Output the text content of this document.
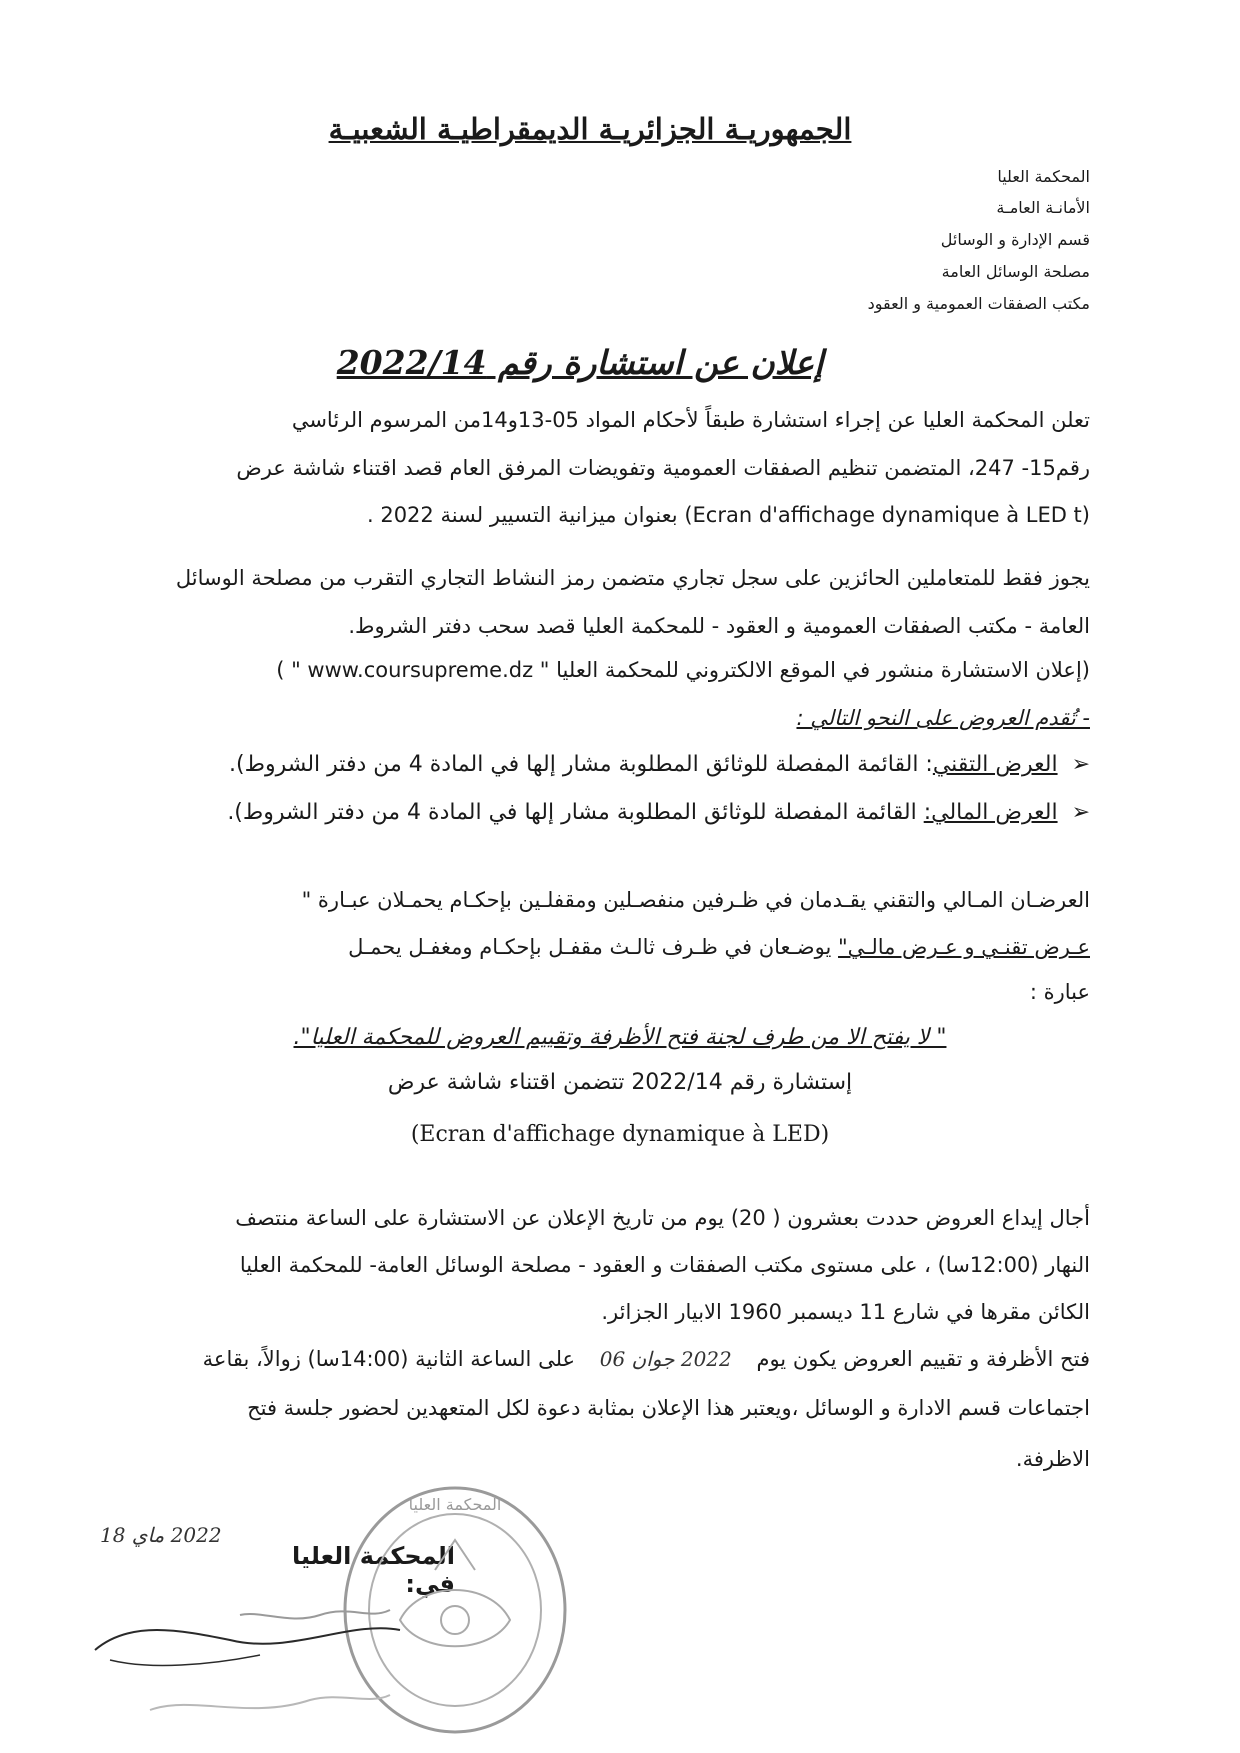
الجمهوريـة الجزائريـة الديمقراطيـة الشعبيـة
المحكمة العليا
الأمانـة العامـة
قسم الإدارة و الوسائل
مصلحة الوسائل العامة
مكتب الصفقات العمومية و العقود
إعلان عن استشارة رقم 2022/14
تعلن المحكمة العليا عن إجراء استشارة طبقاً لأحكام المواد 05-13و14من المرسوم الرئاسي
رقم15- 247، المتضمن تنظيم الصفقات العمومية وتفويضات المرفق العام قصد اقتناء شاشة عرض
(Ecran d'affichage dynamique à LED t) بعنوان ميزانية التسيير لسنة 2022 .
يجوز فقط للمتعاملين الحائزين على سجل تجاري متضمن رمز النشاط التجاري التقرب من مصلحة الوسائل
العامة - مكتب الصفقات العمومية و العقود - للمحكمة العليا قصد سحب دفتر الشروط.
(إعلان الاستشارة منشور في الموقع الالكتروني للمحكمة العليا " www.coursupreme.dz " )
- تُقدم العروض على النحو التالي :
➢العرض التقني: القائمة المفصلة للوثائق المطلوبة مشار إلها في المادة 4 من دفتر الشروط).
➢العرض المالي: القائمة المفصلة للوثائق المطلوبة مشار إلها في المادة 4 من دفتر الشروط).
العرضـان المـالي والتقني يقـدمان في ظـرفين منفصـلين ومقفلـين بإحكـام يحمـلان عبـارة "
عـرض تقنـي و عـرض مالـي" يوضـعان في ظـرف ثالـث مقفـل بإحكـام ومغفـل يحمـل
عبارة :
" لا يفتح الا من طرف لجنة فتح الأظرفة وتقييم العروض للمحكمة العليا".
إستشارة رقم 2022/14 تتضمن اقتناء شاشة عرض
(Ecran d'affichage dynamique à LED)
أجال إيداع العروض حددت بعشرون ( 20) يوم من تاريخ الإعلان عن الاستشارة على الساعة منتصف
النهار (12:00سا) ، على مستوى مكتب الصفقات و العقود - مصلحة الوسائل العامة- للمحكمة العليا
الكائن مقرها في شارع 11 ديسمبر 1960 الابيار الجزائر.
فتح الأظرفة و تقييم العروض يكون يوم 2022 جوان 06 على الساعة الثانية (14:00سا) زوالاً، بقاعة
اجتماعات قسم الادارة و الوسائل ،ويعتبر هذا الإعلان بمثابة دعوة لكل المتعهدين لحضور جلسة فتح
الاظرفة.
2022 ماي 18
المحكمة العليا في:
المحكمة العليا
